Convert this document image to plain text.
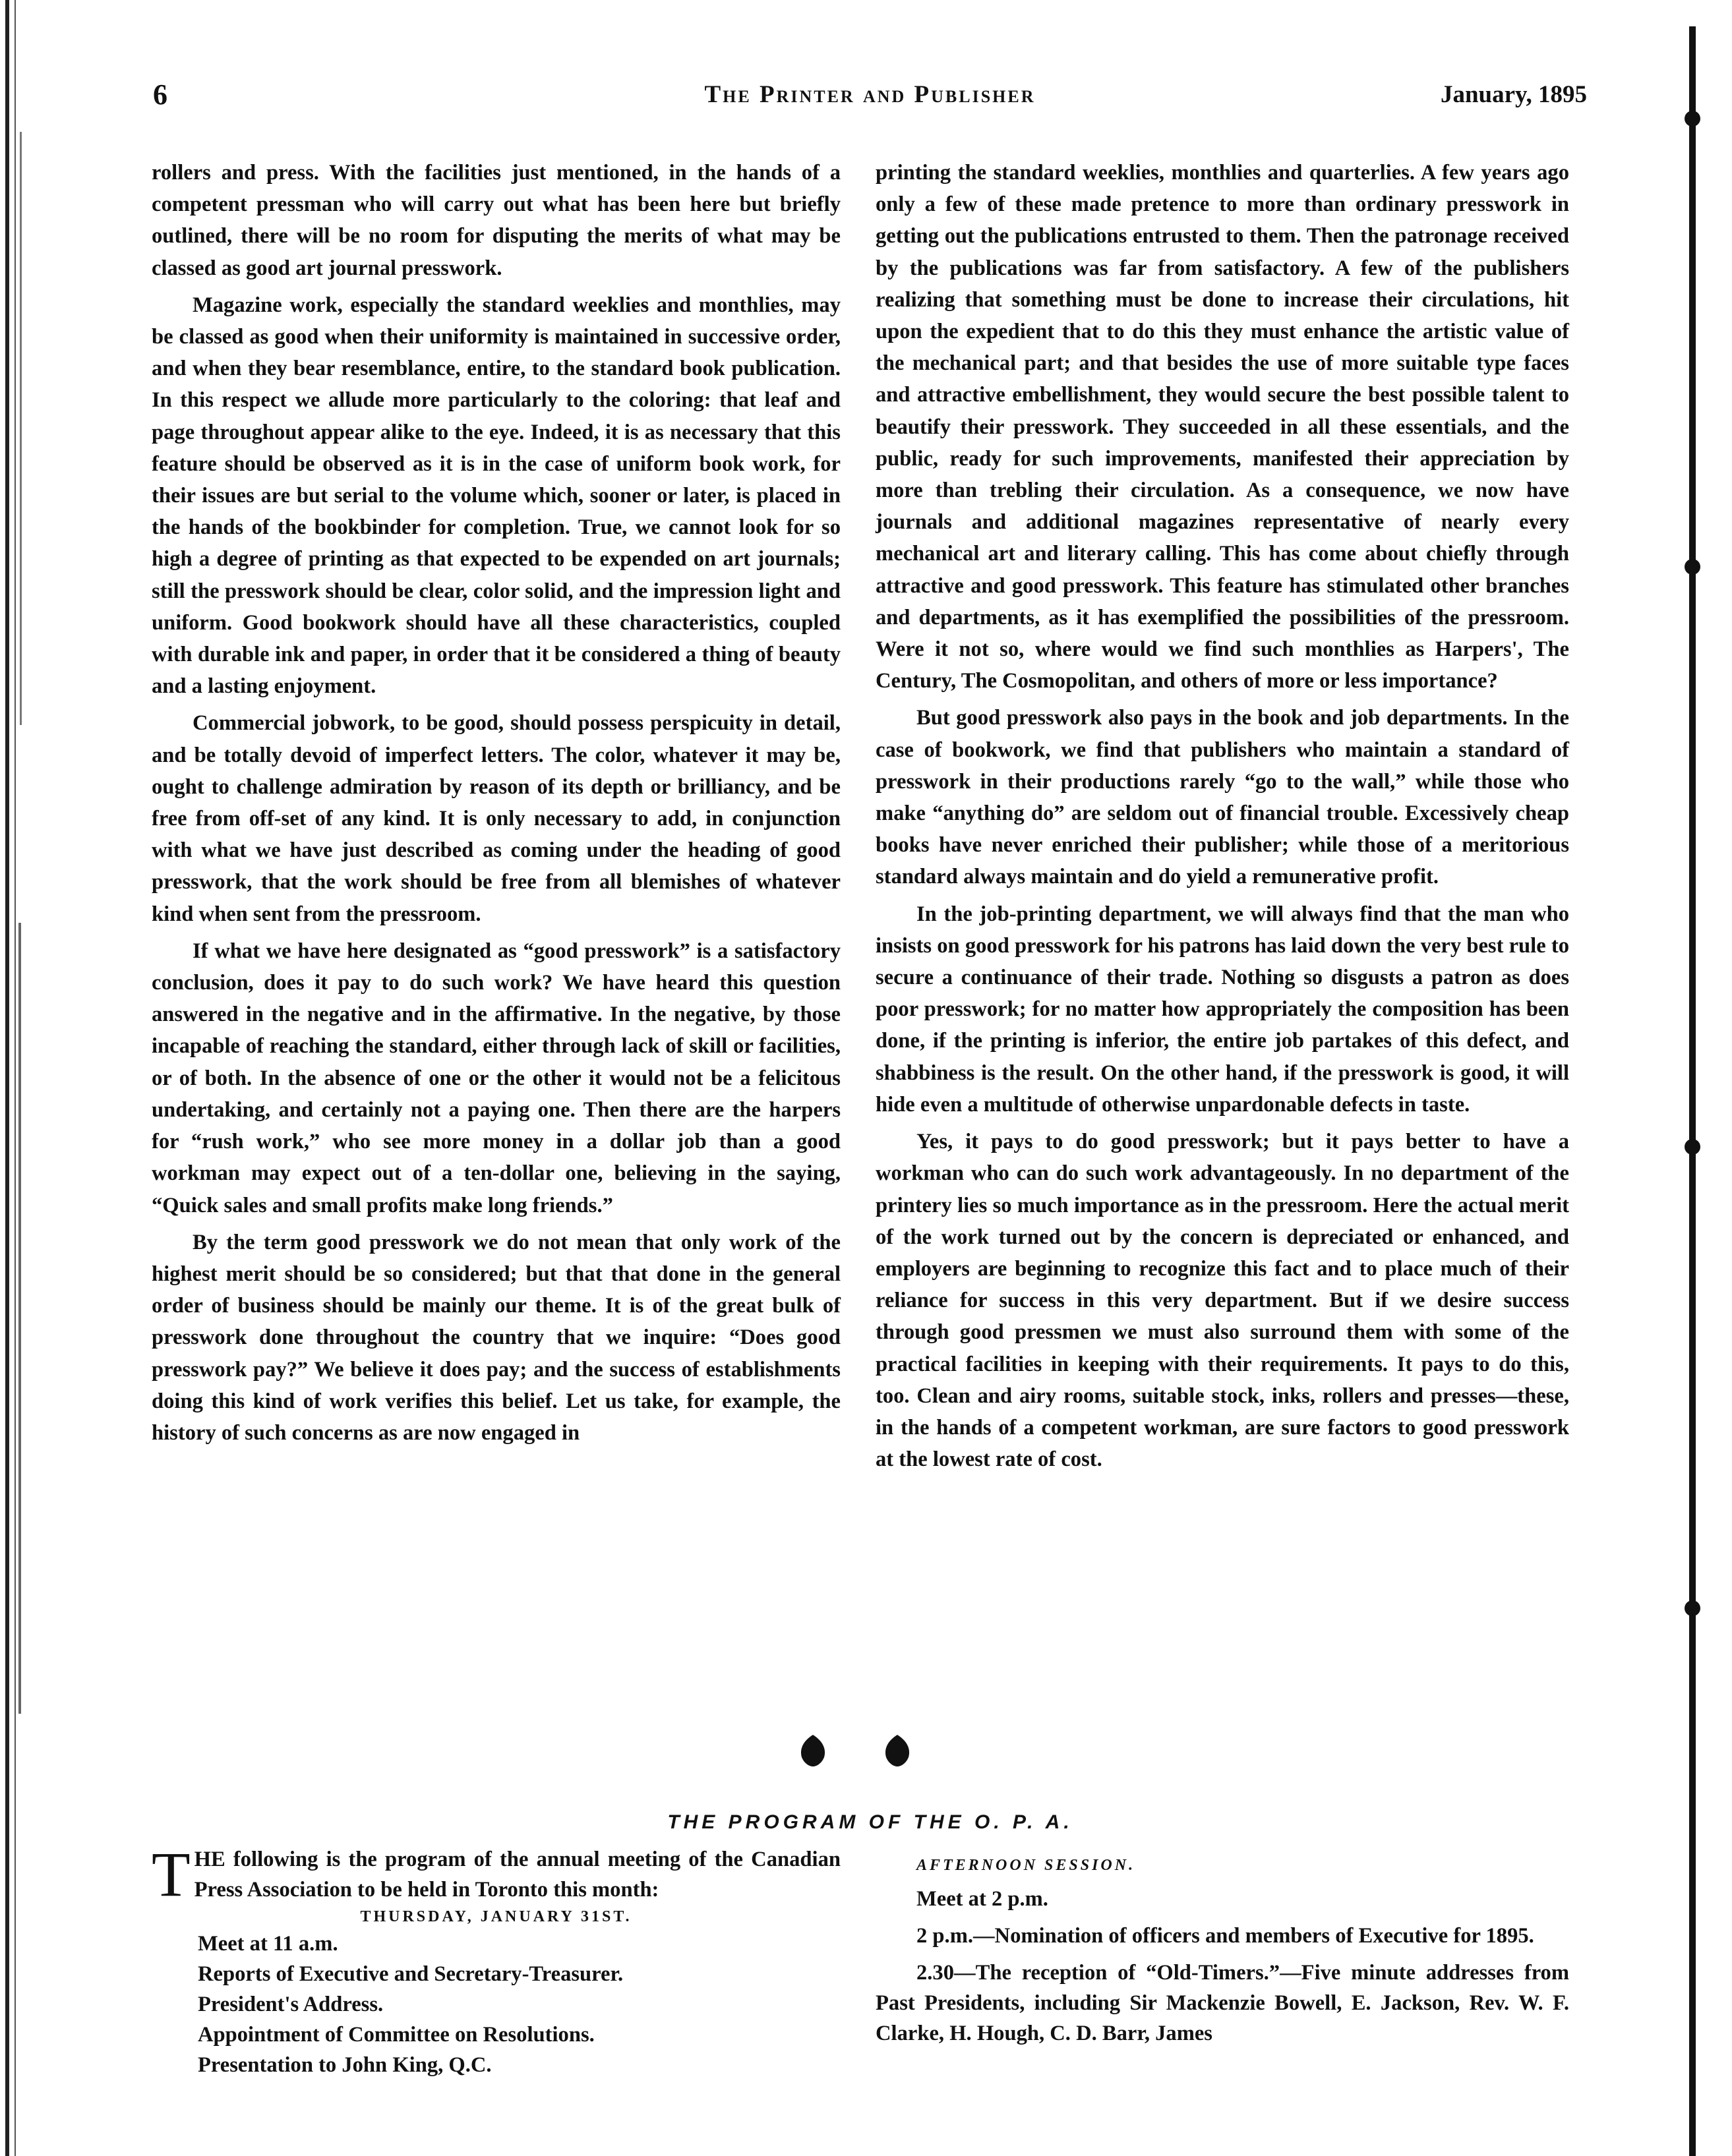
6	The Printer and Publisher	January, 1895

rollers and press. With the facilities just mentioned, in the hands of a competent pressman who will carry out what has been here but briefly outlined, there will be no room for disputing the merits of what may be classed as good art journal presswork.

Magazine work, especially the standard weeklies and monthlies, may be classed as good when their uniformity is maintained in successive order, and when they bear resemblance, entire, to the standard book publication. In this respect we allude more particularly to the coloring: that leaf and page throughout appear alike to the eye. Indeed, it is as necessary that this feature should be observed as it is in the case of uniform book work, for their issues are but serial to the volume which, sooner or later, is placed in the hands of the bookbinder for completion. True, we cannot look for so high a degree of printing as that expected to be expended on art journals; still the presswork should be clear, color solid, and the impression light and uniform. Good bookwork should have all these characteristics, coupled with durable ink and paper, in order that it be considered a thing of beauty and a lasting enjoyment.

Commercial jobwork, to be good, should possess perspicuity in detail, and be totally devoid of imperfect letters. The color, whatever it may be, ought to challenge admiration by reason of its depth or brilliancy, and be free from off-set of any kind. It is only necessary to add, in conjunction with what we have just described as coming under the heading of good presswork, that the work should be free from all blemishes of whatever kind when sent from the pressroom.

If what we have here designated as “good presswork” is a satisfactory conclusion, does it pay to do such work? We have heard this question answered in the negative and in the affirmative. In the negative, by those incapable of reaching the standard, either through lack of skill or facilities, or of both. In the absence of one or the other it would not be a felicitous undertaking, and certainly not a paying one. Then there are the harpers for “rush work,” who see more money in a dollar job than a good workman may expect out of a ten-dollar one, believing in the saying, “Quick sales and small profits make long friends.”

By the term good presswork we do not mean that only work of the highest merit should be so considered; but that that done in the general order of business should be mainly our theme. It is of the great bulk of presswork done throughout the country that we inquire: “Does good presswork pay?” We believe it does pay; and the success of establishments doing this kind of work verifies this belief. Let us take, for example, the history of such concerns as are now engaged in

printing the standard weeklies, monthlies and quarterlies. A few years ago only a few of these made pretence to more than ordinary presswork in getting out the publications entrusted to them. Then the patronage received by the publications was far from satisfactory. A few of the publishers realizing that something must be done to increase their circulations, hit upon the expedient that to do this they must enhance the artistic value of the mechanical part; and that besides the use of more suitable type faces and attractive embellishment, they would secure the best possible talent to beautify their presswork. They succeeded in all these essentials, and the public, ready for such improvements, manifested their appreciation by more than trebling their circulation. As a consequence, we now have journals and additional magazines representative of nearly every mechanical art and literary calling. This has come about chiefly through attractive and good presswork. This feature has stimulated other branches and departments, as it has exemplified the possibilities of the pressroom. Were it not so, where would we find such monthlies as Harpers', The Century, The Cosmopolitan, and others of more or less importance?

But good presswork also pays in the book and job departments. In the case of bookwork, we find that publishers who maintain a standard of presswork in their productions rarely “go to the wall,” while those who make “anything do” are seldom out of financial trouble. Excessively cheap books have never enriched their publisher; while those of a meritorious standard always maintain and do yield a remunerative profit.

In the job-printing department, we will always find that the man who insists on good presswork for his patrons has laid down the very best rule to secure a continuance of their trade. Nothing so disgusts a patron as does poor presswork; for no matter how appropriately the composition has been done, if the printing is inferior, the entire job partakes of this defect, and shabbiness is the result. On the other hand, if the presswork is good, it will hide even a multitude of otherwise unpardonable defects in taste.

Yes, it pays to do good presswork; but it pays better to have a workman who can do such work advantageously. In no department of the printery lies so much importance as in the pressroom. Here the actual merit of the work turned out by the concern is depreciated or enhanced, and employers are beginning to recognize this fact and to place much of their reliance for success in this very department. But if we desire success through good pressmen we must also surround them with some of the practical facilities in keeping with their requirements. It pays to do this, too. Clean and airy rooms, suitable stock, inks, rollers and presses—these, in the hands of a competent workman, are sure factors to good presswork at the lowest rate of cost.

THE PROGRAM OF THE O. P. A.
T HE following is the program of the annual meeting of the Canadian Press Association to be held in Toronto this month:

THURSDAY, JANUARY 31ST.

Meet at 11 a.m.
Reports of Executive and Secretary-Treasurer.
President's Address.
Appointment of Committee on Resolutions.
Presentation to John King, Q.C.

AFTERNOON SESSION.

Meet at 2 p.m.

2 p.m.—Nomination of officers and members of Executive for 1895.

2.30—The reception of “Old-Timers.”—Five minute addresses from Past Presidents, including Sir Mackenzie Bowell, E. Jackson, Rev. W. F. Clarke, H. Hough, C. D. Barr, James
